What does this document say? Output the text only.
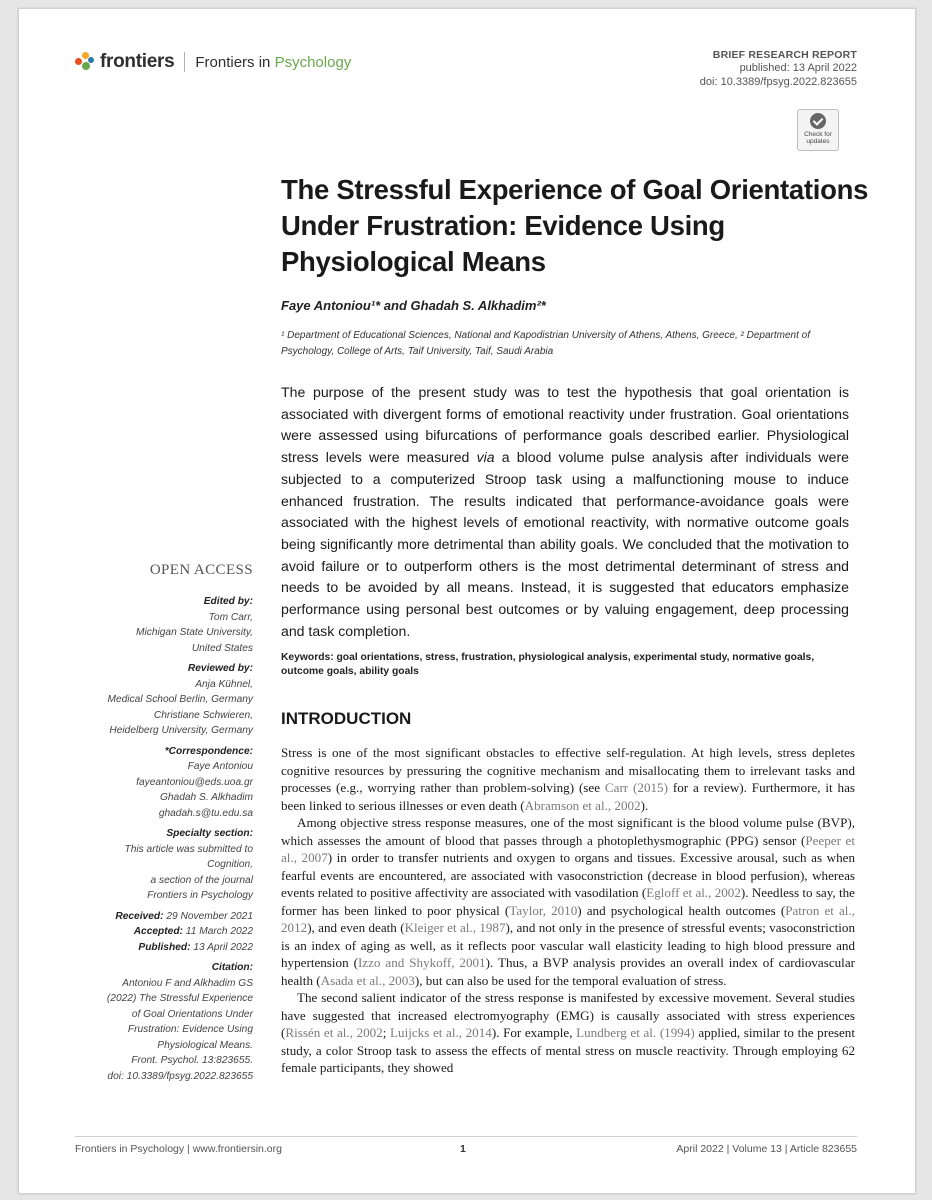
frontiers Frontiers in Psychology	BRIEF RESEARCH REPORT
published: 13 April 2022
doi: 10.3389/fpsyg.2022.823655
Check for
updates
The Stressful Experience of Goal Orientations Under Frustration: Evidence Using Physiological Means
Faye Antoniou¹* and Ghadah S. Alkhadim²*
¹ Department of Educational Sciences, National and Kapodistrian University of Athens, Athens, Greece, ² Department of Psychology, College of Arts, Taif University, Taif, Saudi Arabia
The purpose of the present study was to test the hypothesis that goal orientation is associated with divergent forms of emotional reactivity under frustration. Goal orientations were assessed using bifurcations of performance goals described earlier. Physiological stress levels were measured via a blood volume pulse analysis after individuals were subjected to a computerized Stroop task using a malfunctioning mouse to induce enhanced frustration. The results indicated that performance-avoidance goals were associated with the highest levels of emotional reactivity, with normative outcome goals being significantly more detrimental than ability goals. We concluded that the motivation to avoid failure or to outperform others is the most detrimental determinant of stress and needs to be avoided by all means. Instead, it is suggested that educators emphasize performance using personal best outcomes or by valuing engagement, deep processing and task completion.
Keywords: goal orientations, stress, frustration, physiological analysis, experimental study, normative goals, outcome goals, ability goals
INTRODUCTION

Stress is one of the most significant obstacles to effective self-regulation. At high levels, stress depletes cognitive resources by pressuring the cognitive mechanism and misallocating them to irrelevant tasks and processes (e.g., worrying rather than problem-solving) (see Carr (2015) for a review). Furthermore, it has been linked to serious illnesses or even death (Abramson et al., 2002).

Among objective stress response measures, one of the most significant is the blood volume pulse (BVP), which assesses the amount of blood that passes through a photoplethysmographic (PPG) sensor (Peeper et al., 2007) in order to transfer nutrients and oxygen to organs and tissues. Excessive arousal, such as when fearful events are encountered, are associated with vasoconstriction (decrease in blood perfusion), whereas events related to positive affectivity are associated with vasodilation (Egloff et al., 2002). Needless to say, the former has been linked to poor physical (Taylor, 2010) and psychological health outcomes (Patron et al., 2012), and even death (Kleiger et al., 1987), and not only in the presence of stressful events; vasoconstriction is an index of aging as well, as it reflects poor vascular wall elasticity leading to high blood pressure and hypertension (Izzo and Shykoff, 2001). Thus, a BVP analysis provides an overall index of cardiovascular health (Asada et al., 2003), but can also be used for the temporal evaluation of stress.

The second salient indicator of the stress response is manifested by excessive movement. Several studies have suggested that increased electromyography (EMG) is causally associated with stress experiences (Rissén et al., 2002; Luijcks et al., 2014). For example, Lundberg et al. (1994) applied, similar to the present study, a color Stroop task to assess the effects of mental stress on muscle reactivity. Through employing 62 female participants, they showed

OPEN ACCESS
Edited by:
Tom Carr,
Michigan State University,
United States
Reviewed by:
Anja Kühnel,
Medical School Berlin, Germany
Christiane Schwieren,
Heidelberg University, Germany
*Correspondence:
Faye Antoniou
fayeantoniou@eds.uoa.gr
Ghadah S. Alkhadim
ghadah.s@tu.edu.sa
Specialty section:
This article was submitted to
Cognition,
a section of the journal
Frontiers in Psychology
Received: 29 November 2021
Accepted: 11 March 2022
Published: 13 April 2022
Citation:
Antoniou F and Alkhadim GS
(2022) The Stressful Experience
of Goal Orientations Under
Frustration: Evidence Using
Physiological Means.
Front. Psychol. 13:823655.
doi: 10.3389/fpsyg.2022.823655
Frontiers in Psychology | www.frontiersin.org	1	April 2022 | Volume 13 | Article 823655
